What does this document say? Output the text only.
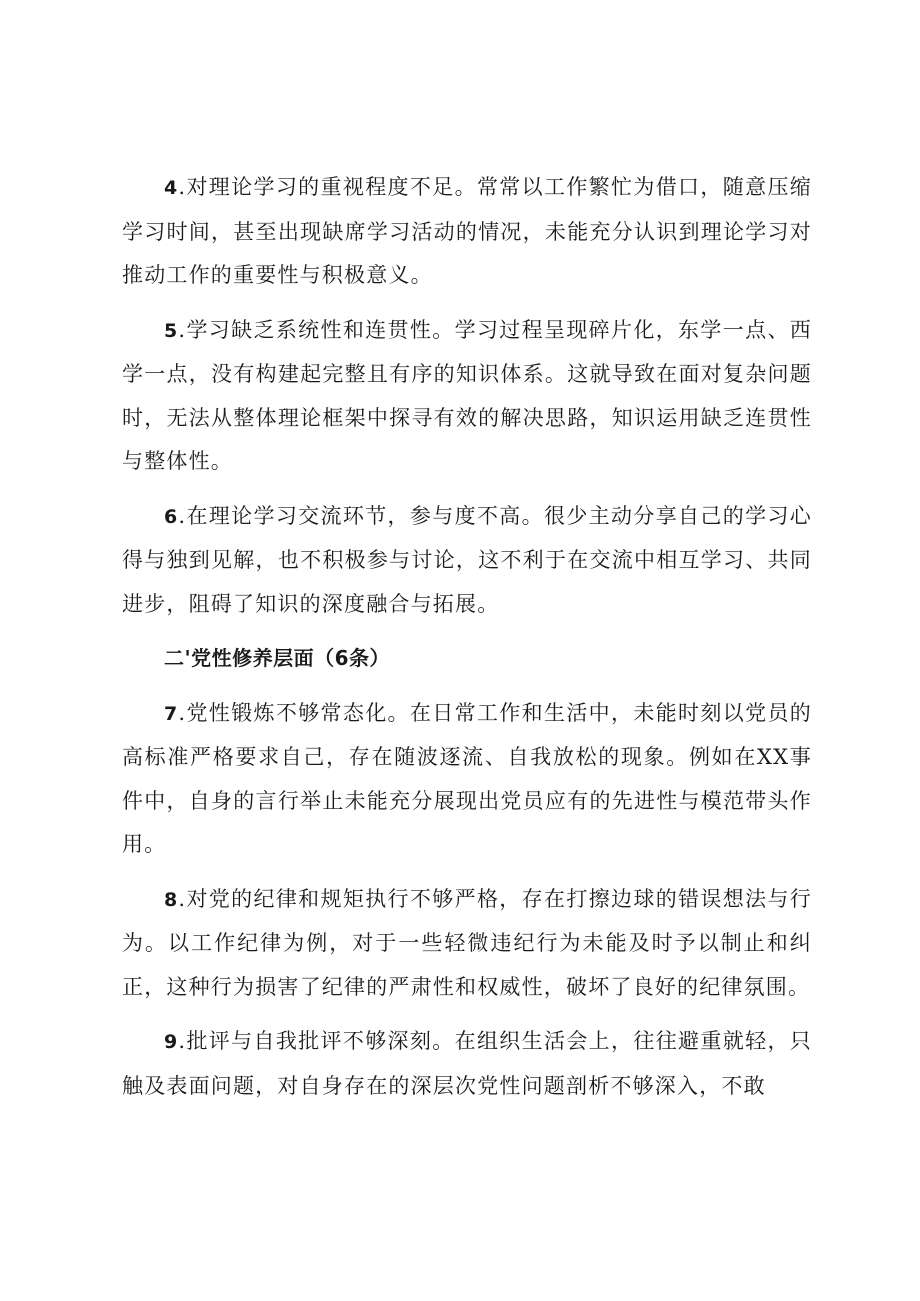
4.对理论学习的重视程度不足。常常以工作繁忙为借口，随意压缩学习时间，甚至出现缺席学习活动的情况，未能充分认识到理论学习对推动工作的重要性与积极意义。

5.学习缺乏系统性和连贯性。学习过程呈现碎片化，东学一点、西学一点，没有构建起完整且有序的知识体系。这就导致在面对复杂问题时，无法从整体理论框架中探寻有效的解决思路，知识运用缺乏连贯性与整体性。

6.在理论学习交流环节，参与度不高。很少主动分享自己的学习心得与独到见解，也不积极参与讨论，这不利于在交流中相互学习、共同进步，阻碍了知识的深度融合与拓展。

二'党性修养层面（6条）

7.党性锻炼不够常态化。在日常工作和生活中，未能时刻以党员的高标准严格要求自己，存在随波逐流、自我放松的现象。例如在XX事件中，自身的言行举止未能充分展现出党员应有的先进性与模范带头作用。

8.对党的纪律和规矩执行不够严格，存在打擦边球的错误想法与行为。以工作纪律为例，对于一些轻微违纪行为未能及时予以制止和纠正，这种行为损害了纪律的严肃性和权威性，破坏了良好的纪律氛围。

9.批评与自我批评不够深刻。在组织生活会上，往往避重就轻，只触及表面问题，对自身存在的深层次党性问题剖析不够深入，不敢
